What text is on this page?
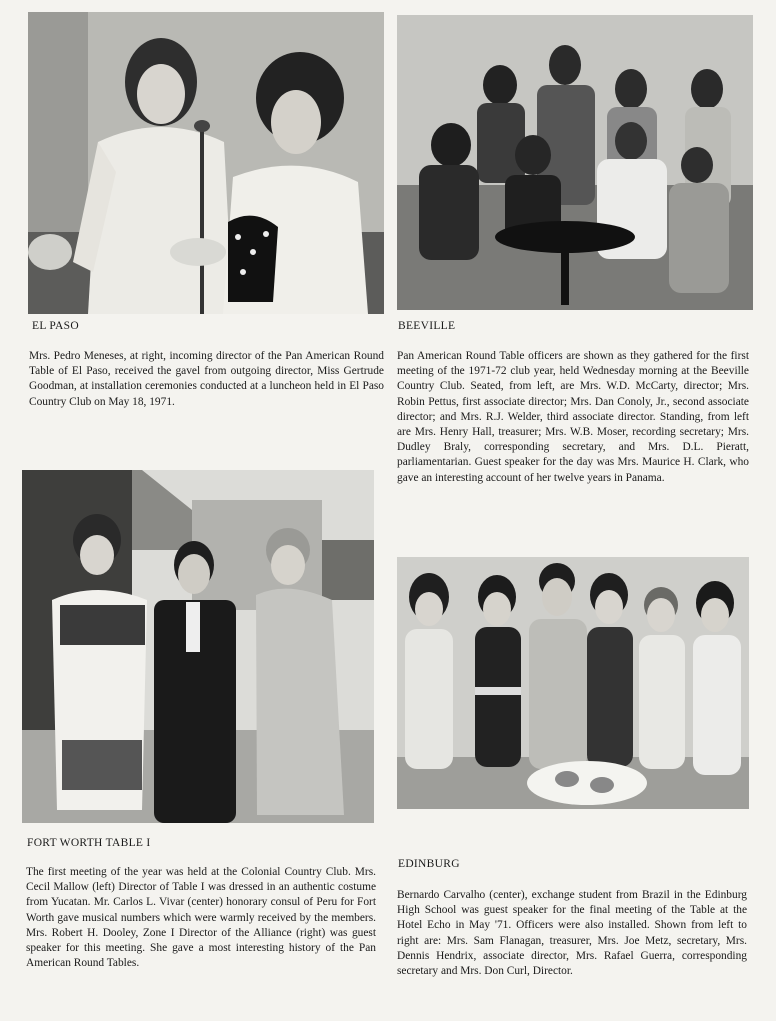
EL PASO	BEEVILLE

Mrs. Pedro Meneses, at right, incoming director of the Pan American Round Table of El Paso, received the gavel from outgoing director, Miss Gertrude Goodman, at installation ceremonies conducted at a luncheon held in El Paso Country Club on May 18, 1971.

Pan American Round Table officers are shown as they gathered for the first meeting of the 1971-72 club year, held Wednesday morning at the Beeville Country Club. Seated, from left, are Mrs. W.D. McCarty, director; Mrs. Robin Pettus, first associate director; Mrs. Dan Conoly, Jr., second associate director; and Mrs. R.J. Welder, third associate director. Standing, from left are Mrs. Henry Hall, treasurer; Mrs. W.B. Moser, recording secretary; Mrs. Dudley Braly, corresponding secretary, and Mrs. D.L. Pieratt, parliamentarian. Guest speaker for the day was Mrs. Maurice H. Clark, who gave an interesting account of her twelve years in Panama.

FORT WORTH TABLE I
EDINBURG

The first meeting of the year was held at the Colonial Country Club. Mrs. Cecil Mallow (left) Director of Table I was dressed in an authentic costume from Yucatan. Mr. Carlos L. Vivar (center) honorary consul of Peru for Fort Worth gave musical numbers which were warmly received by the members. Mrs. Robert H. Dooley, Zone I Director of the Alliance (right) was guest speaker for this meeting. She gave a most interesting history of the Pan American Round Tables.

Bernardo Carvalho (center), exchange student from Brazil in the Edinburg High School was guest speaker for the final meeting of the Table at the Hotel Echo in May '71. Officers were also installed. Shown from left to right are: Mrs. Sam Flanagan, treasurer, Mrs. Joe Metz, secretary, Mrs. Dennis Hendrix, associate director, Mrs. Rafael Guerra, corresponding secretary and Mrs. Don Curl, Director.
